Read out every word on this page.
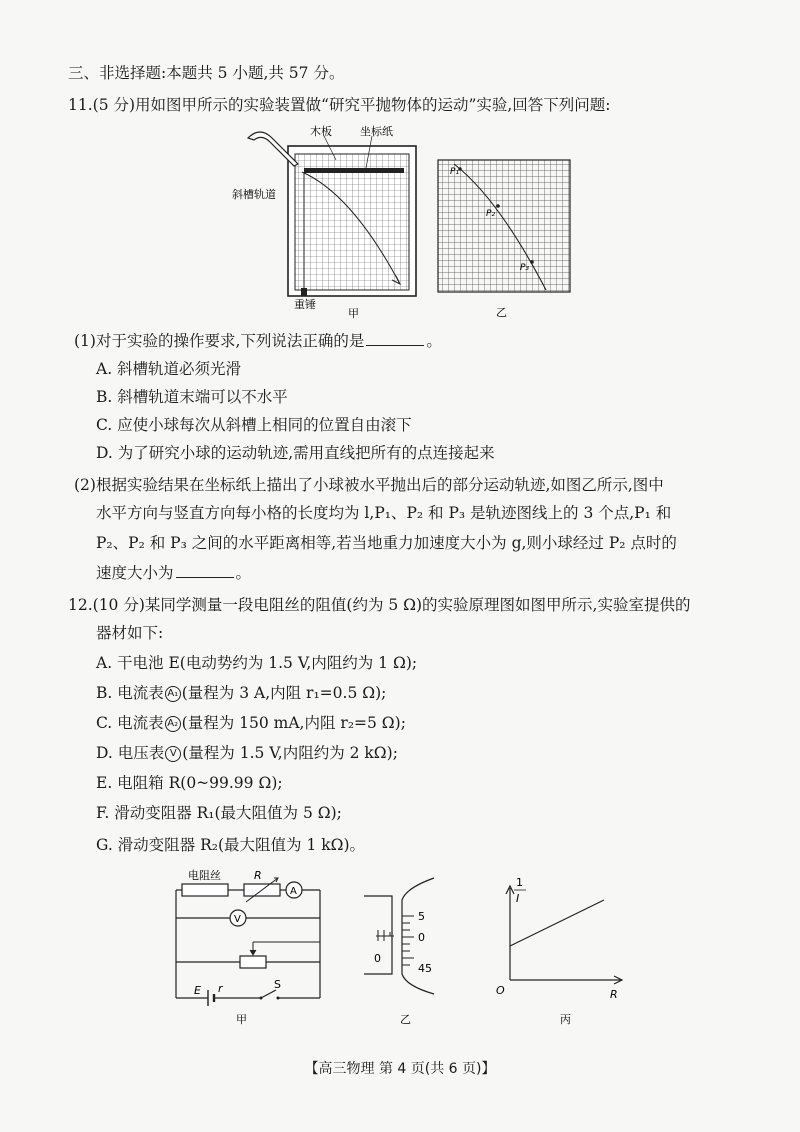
三、非选择题:本题共 5 小题,共 57 分。
11.(5 分)用如图甲所示的实验装置做“研究平抛物体的运动”实验,回答下列问题:
木板	坐标纸
斜槽轨道
重锤
甲
P₁
P₂
P₃
乙
(1)对于实验的操作要求,下列说法正确的是	。
A. 斜槽轨道必须光滑
B. 斜槽轨道末端可以不水平
C. 应使小球每次从斜槽上相同的位置自由滚下
D. 为了研究小球的运动轨迹,需用直线把所有的点连接起来
(2)根据实验结果在坐标纸上描出了小球被水平抛出后的部分运动轨迹,如图乙所示,图中
水平方向与竖直方向每小格的长度均为 l,P₁、P₂ 和 P₃ 是轨迹图线上的 3 个点,P₁ 和
P₂、P₂ 和 P₃ 之间的水平距离相等,若当地重力加速度大小为 g,则小球经过 P₂ 点时的
速度大小为	。
12.(10 分)某同学测量一段电阻丝的阻值(约为 5 Ω)的实验原理图如图甲所示,实验室提供的
器材如下:
A. 干电池 E(电动势约为 1.5 V,内阻约为 1 Ω);
B. 电流表 A₁ (量程为 3 A,内阻 r₁=0.5 Ω);
C. 电流表 A₂ (量程为 150 mA,内阻 r₂=5 Ω);
D. 电压表 V (量程为 1.5 V,内阻约为 2 kΩ);
E. 电阻箱 R(0~99.99 Ω);
F. 滑动变阻器 R₁(最大阻值为 5 Ω);
G. 滑动变阻器 R₂(最大阻值为 1 kΩ)。
电阻丝	R
A
V
E r	S
甲
5
0
45
0
乙
1
I
R
O
丙
【高三物理 第 4 页(共 6 页)】
